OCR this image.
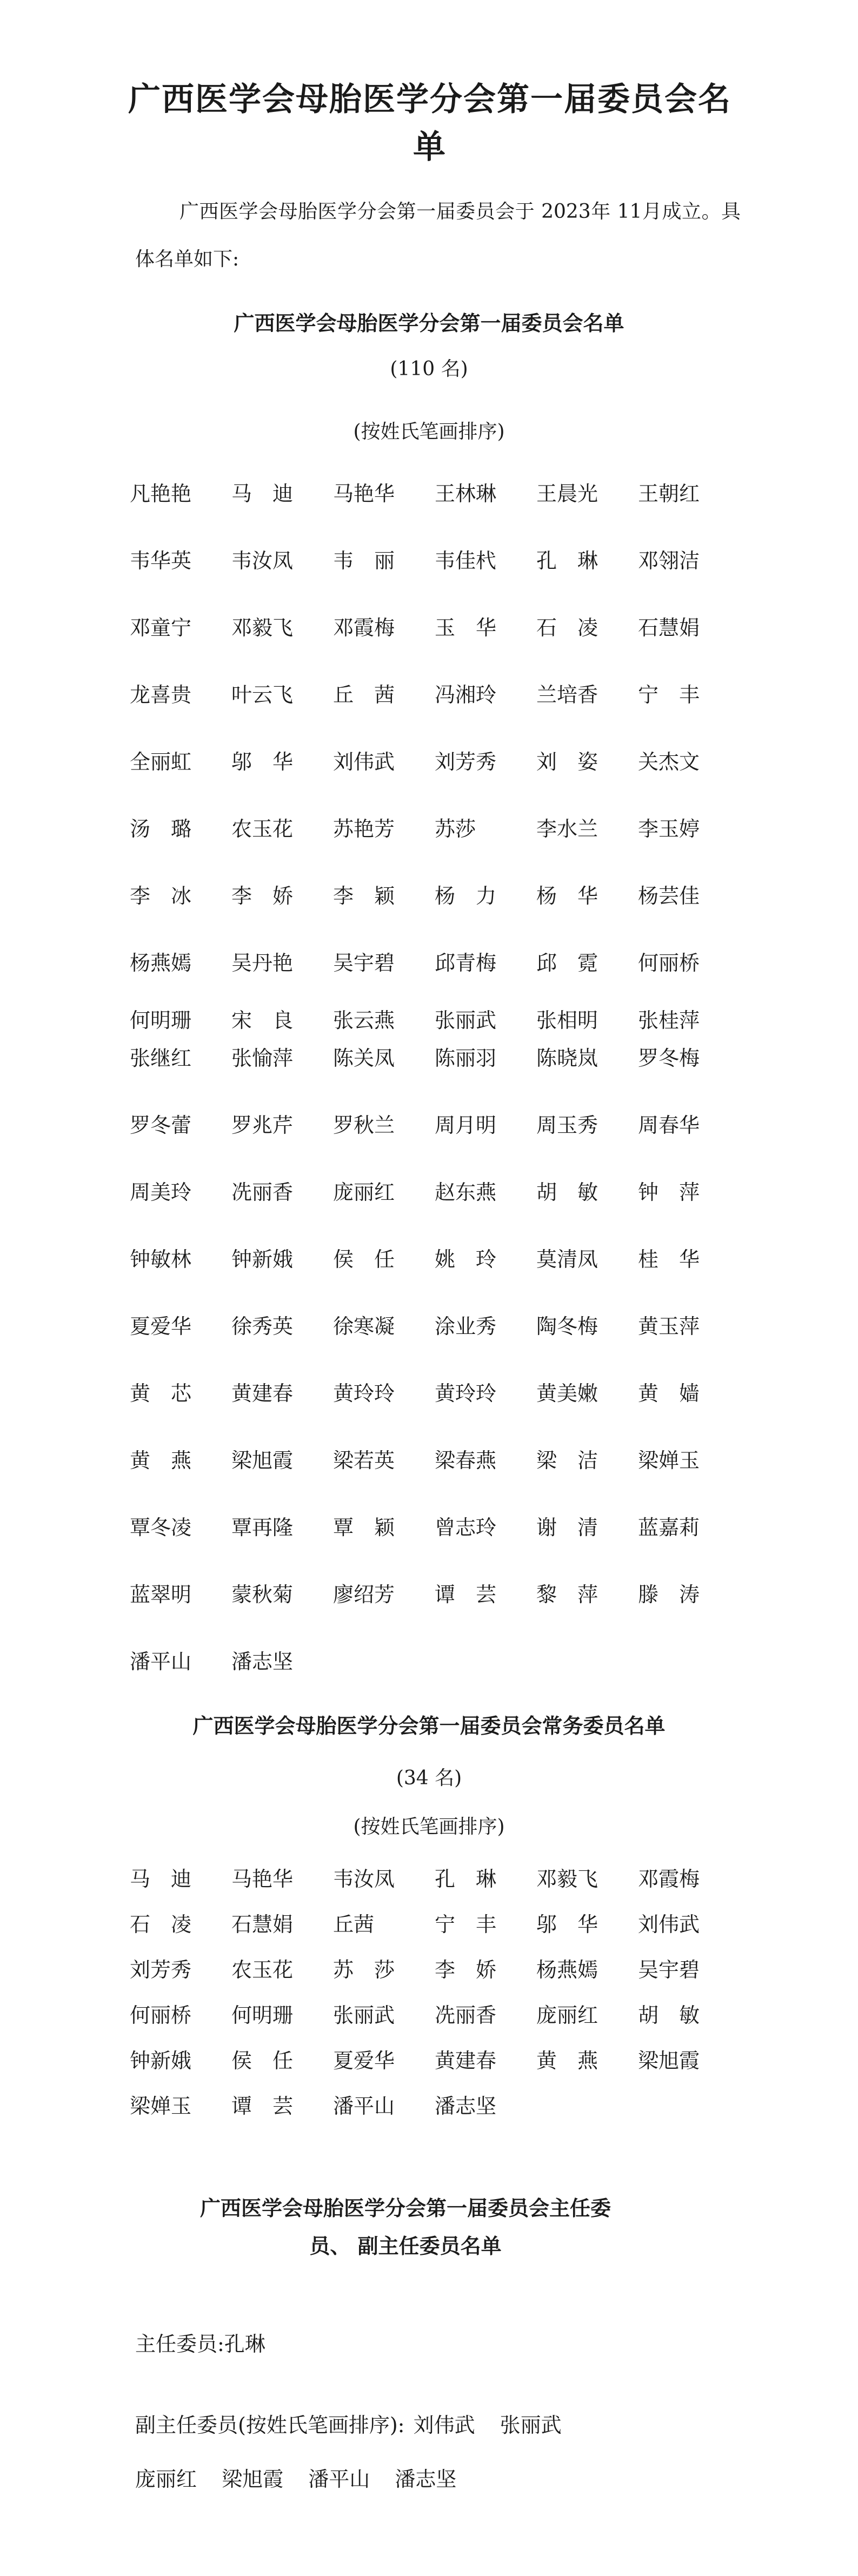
广西医学会母胎医学分会第一届委员会名单
广西医学会母胎医学分会第一届委员会于 2023年 11月成立。具体名单如下:
广西医学会母胎医学分会第一届委员会名单
(110 名)
(按姓氏笔画排序)
凡艳艳	马　迪	马艳华	王林琳	王晨光	王朝红
韦华英	韦汝凤	韦　丽	韦佳杙	孔　琳	邓翎洁
邓童宁	邓毅飞	邓霞梅	玉　华	石　凌	石慧娟
龙喜贵	叶云飞	丘　茜	冯湘玲	兰培香	宁　丰
全丽虹	邬　华	刘伟武	刘芳秀	刘　姿	关杰文
汤　璐	农玉花	苏艳芳	苏莎	李水兰	李玉婷
李　冰	李　娇	李　颖	杨　力	杨　华	杨芸佳
杨燕嫣	吴丹艳	吴宇碧	邱青梅	邱　霓	何丽桥
何明珊	宋　良	张云燕	张丽武	张相明	张桂萍
张继红	张愉萍	陈关凤	陈丽羽	陈晓岚	罗冬梅
罗冬蕾	罗兆芹	罗秋兰	周月明	周玉秀	周春华
周美玲	冼丽香	庞丽红	赵东燕	胡　敏	钟　萍
钟敏林	钟新娥	侯　任	姚　玲	莫清凤	桂　华
夏爱华	徐秀英	徐寒凝	涂业秀	陶冬梅	黄玉萍
黄　芯	黄建春	黄玲玲	黄玲玲	黄美嫩	黄　嫱
黄　燕	梁旭霞	梁若英	梁春燕	梁　洁	梁婵玉
覃冬凌	覃再隆	覃　颖	曾志玲	谢　清	蓝嘉莉
蓝翠明	蒙秋菊	廖绍芳	谭　芸	黎　萍	滕　涛
潘平山	潘志坚
广西医学会母胎医学分会第一届委员会常务委员名单
(34 名)
(按姓氏笔画排序)
马　迪	马艳华	韦汝凤	孔　琳	邓毅飞	邓霞梅
石　凌	石慧娟	丘茜	宁　丰	邬　华	刘伟武
刘芳秀	农玉花	苏　莎	李　娇	杨燕嫣	吴宇碧
何丽桥	何明珊	张丽武	冼丽香	庞丽红	胡　敏
钟新娥	侯　任	夏爱华	黄建春	黄　燕	梁旭霞
梁婵玉	谭　芸	潘平山	潘志坚
广西医学会母胎医学分会第一届委员会主任委
员、 副主任委员名单
主任委员:孔琳
副主任委员(按姓氏笔画排序): 刘伟武 张丽武
庞丽红 梁旭霞 潘平山 潘志坚
